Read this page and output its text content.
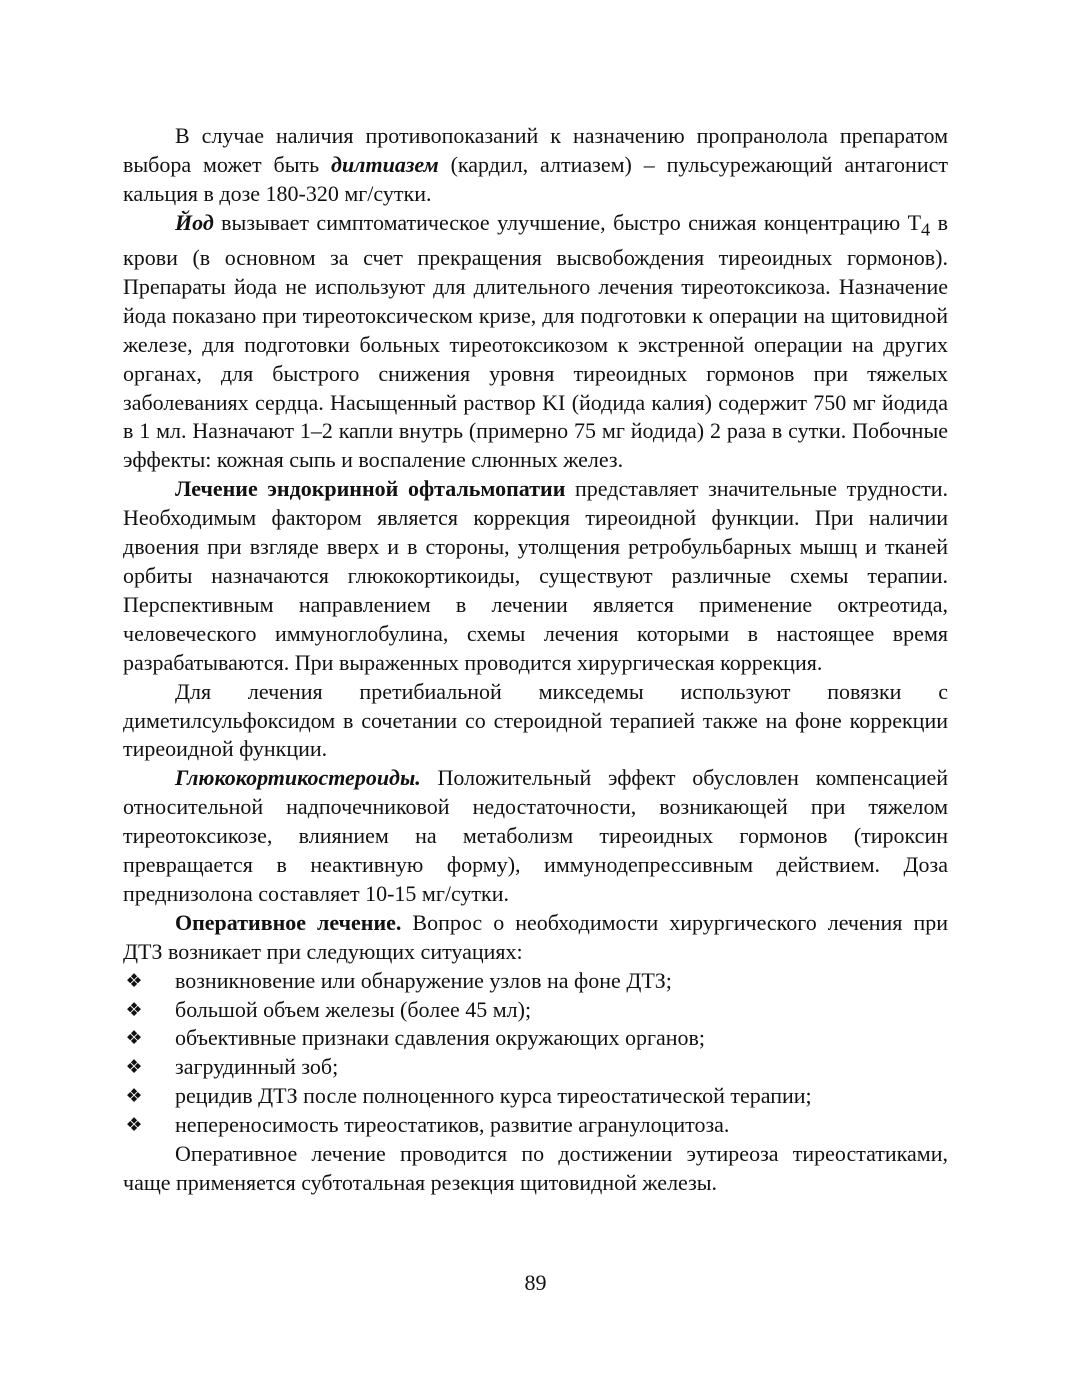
В случае наличия противопоказаний к назначению пропранолола препаратом выбора может быть дилтиазем (кардил, алтиазем) – пульсурежающий антагонист кальция в дозе 180-320 мг/сутки.

Йод вызывает симптоматическое улучшение, быстро снижая концентрацию $Т_4$ в крови (в основном за счет прекращения высвобождения тиреоидных гормонов). Препараты йода не используют для длительного лечения тиреотоксикоза. Назначение йода показано при тиреотоксическом кризе, для подготовки к операции на щитовидной железе, для подготовки больных тиреотоксикозом к экстренной операции на других органах, для быстрого снижения уровня тиреоидных гормонов при тяжелых заболеваниях сердца. Насыщенный раствор KI (йодида калия) содержит 750 мг йодида в 1 мл. Назначают 1–2 капли внутрь (примерно 75 мг йодида) 2 раза в сутки. Побочные эффекты: кожная сыпь и воспаление слюнных желез.

Лечение эндокринной офтальмопатии представляет значительные трудности. Необходимым фактором является коррекция тиреоидной функции. При наличии двоения при взгляде вверх и в стороны, утолщения ретробульбарных мышц и тканей орбиты назначаются глюкокортикоиды, существуют различные схемы терапии. Перспективным направлением в лечении является применение октреотида, человеческого иммуноглобулина, схемы лечения которыми в настоящее время разрабатываются. При выраженных проводится хирургическая коррекция.

Для лечения претибиальной микседемы используют повязки с диметилсульфоксидом в сочетании со стероидной терапией также на фоне коррекции тиреоидной функции.

Глюкокортикостероиды. Положительный эффект обусловлен компенсацией относительной надпочечниковой недостаточности, возникающей при тяжелом тиреотоксикозе, влиянием на метаболизм тиреоидных гормонов (тироксин превращается в неактивную форму), иммунодепрессивным действием. Доза преднизолона составляет 10-15 мг/сутки.

Оперативное лечение. Вопрос о необходимости хирургического лечения при ДТЗ возникает при следующих ситуациях:

❖ возникновение или обнаружение узлов на фоне ДТЗ;
❖ большой объем железы (более 45 мл);
❖ объективные признаки сдавления окружающих органов;
❖ загрудинный зоб;
❖ рецидив ДТЗ после полноценного курса тиреостатической терапии;
❖ непереносимость тиреостатиков, развитие агранулоцитоза.

Оперативное лечение проводится по достижении эутиреоза тиреостатиками, чаще применяется субтотальная резекция щитовидной железы.

89
